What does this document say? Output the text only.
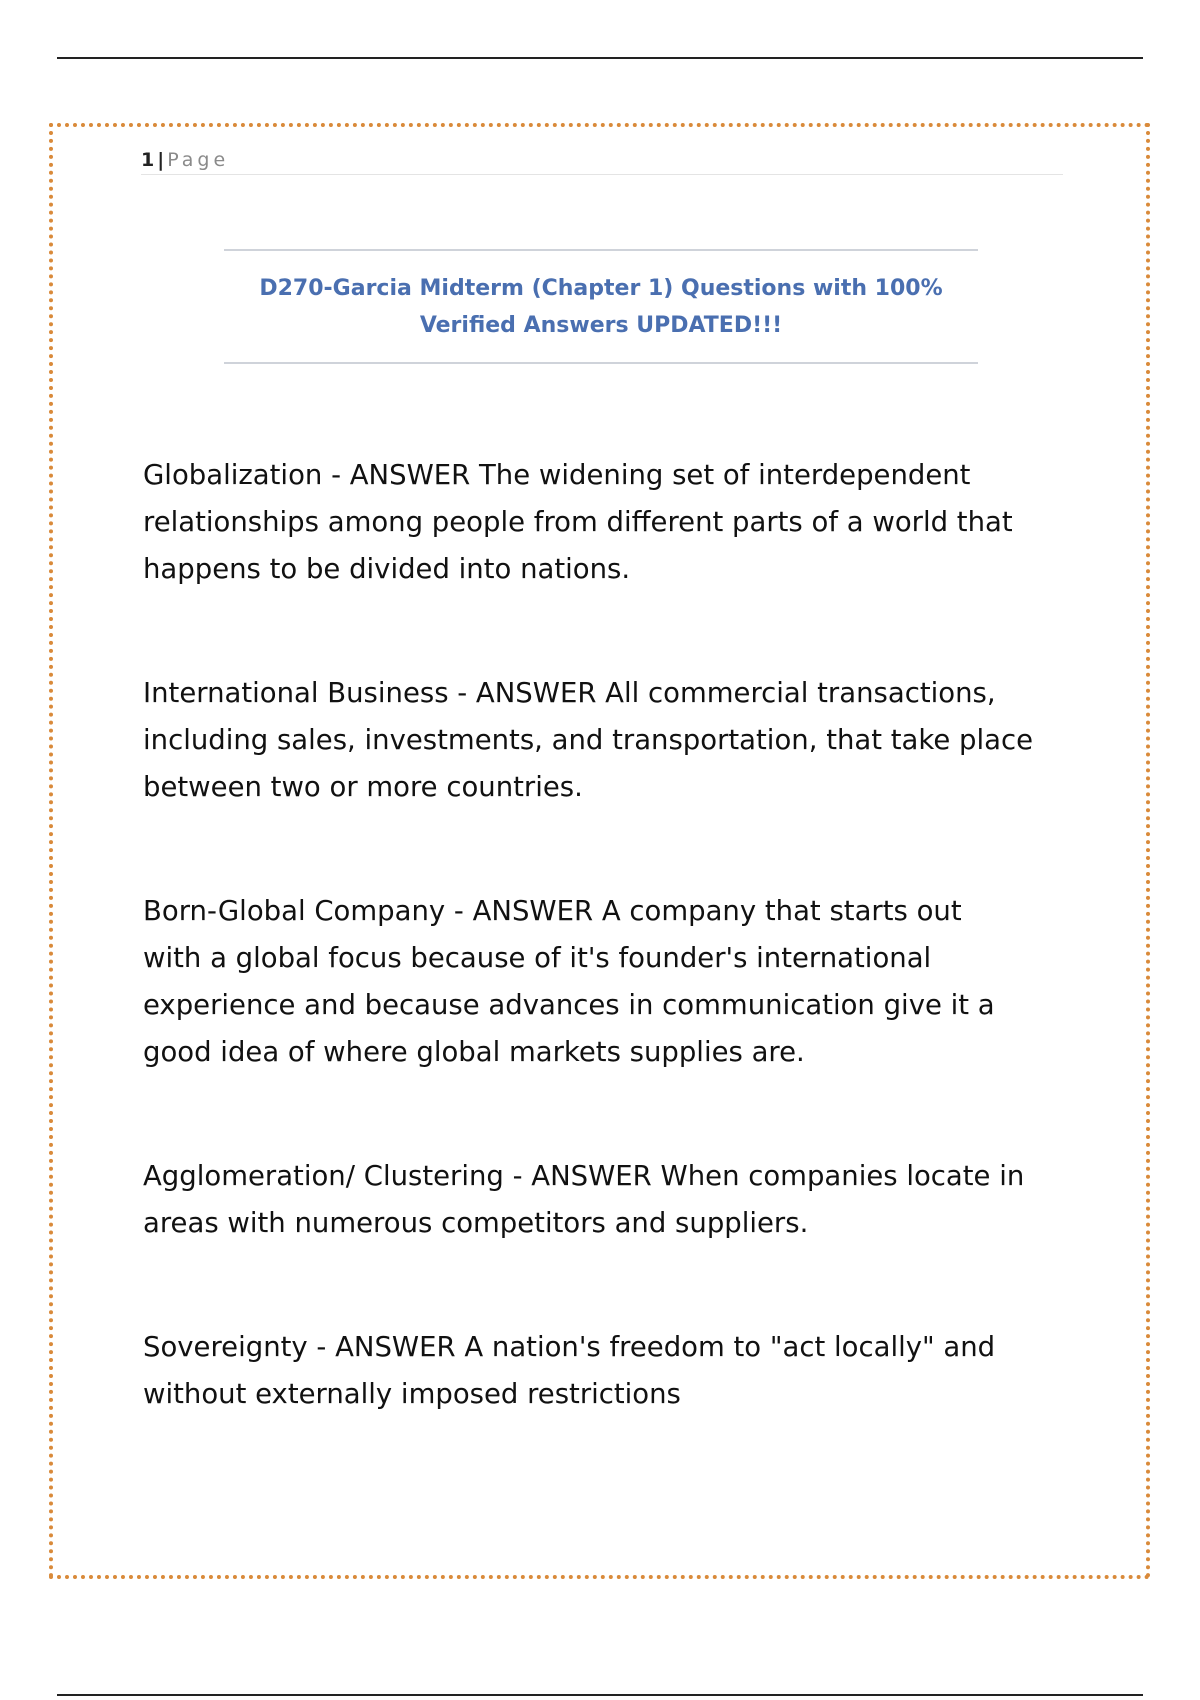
1 | Page

D270-Garcia Midterm (Chapter 1) Questions with 100%
Verified Answers UPDATED!!!

Globalization - ANSWER The widening set of interdependent
relationships among people from different parts of a world that
happens to be divided into nations.

International Business - ANSWER All commercial transactions,
including sales, investments, and transportation, that take place
between two or more countries.

Born-Global Company - ANSWER A company that starts out
with a global focus because of it's founder's international
experience and because advances in communication give it a
good idea of where global markets supplies are.

Agglomeration/ Clustering - ANSWER When companies locate in
areas with numerous competitors and suppliers.

Sovereignty - ANSWER A nation's freedom to "act locally" and
without externally imposed restrictions
